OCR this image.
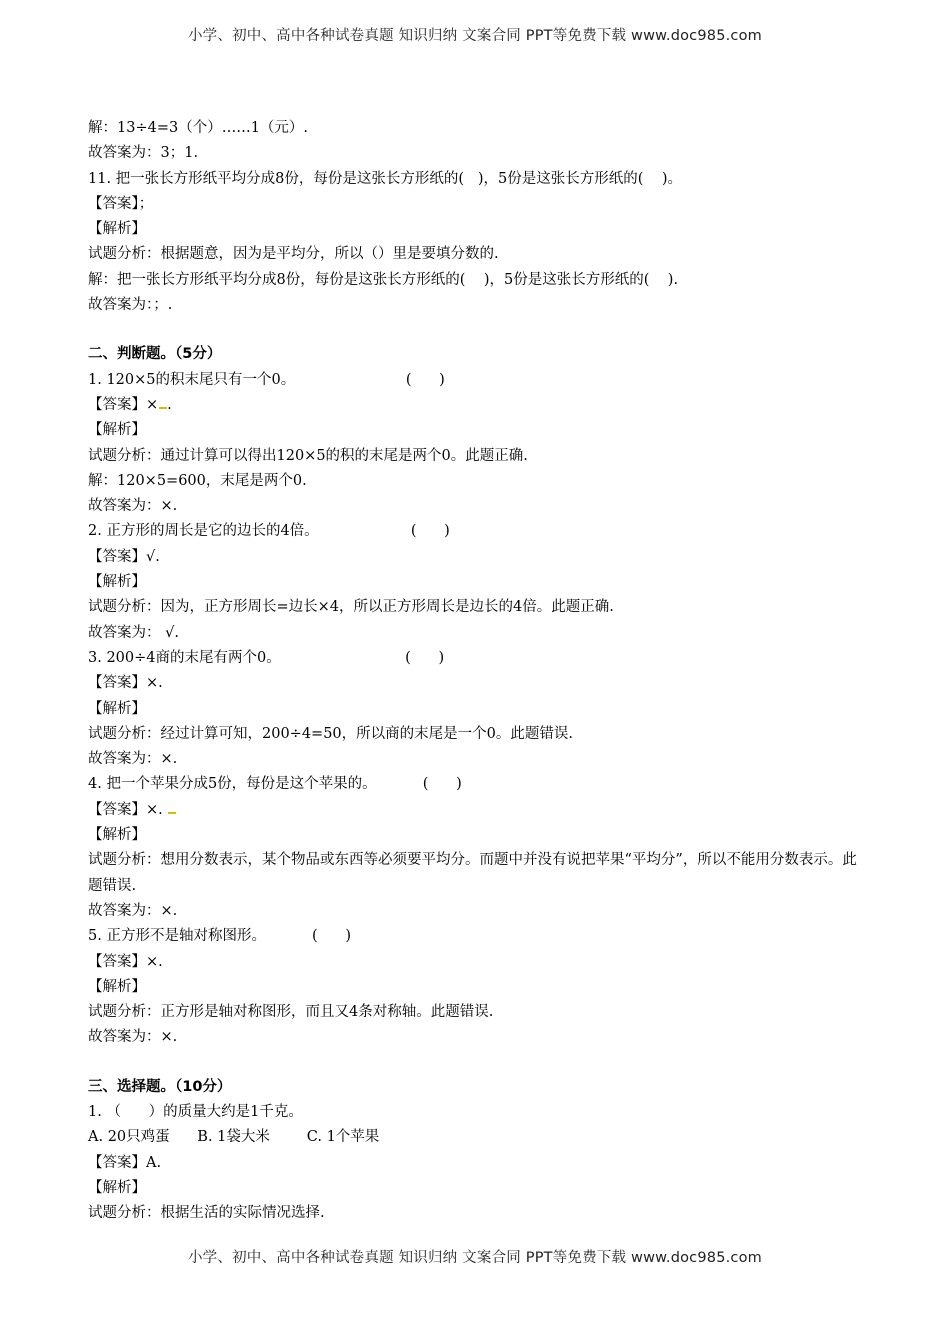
小学、初中、高中各种试卷真题 知识归纳 文案合同 PPT等免费下载 www.doc985.com
解：13÷4=3（个）……1（元）.
故答案为：3；1.
11. 把一张长方形纸平均分成8份，每份是这张长方形纸的(   )，5份是这张长方形纸的(    )。
【答案】；
【解析】
试题分析：根据题意，因为是平均分，所以（）里是要填分数的.
解：把一张长方形纸平均分成8份，每份是这张长方形纸的(    )，5份是这张长方形纸的(    ).
故答案为：；.
二、判断题。（5分）
1. 120×5的积末尾只有一个0。                        (      )
【答案】× .
【解析】
试题分析：通过计算可以得出120×5的积的末尾是两个0。此题正确.
解：120×5=600，末尾是两个0.
故答案为：×.
2. 正方形的周长是它的边长的4倍。                    (      )
【答案】√.
【解析】
试题分析：因为，正方形周长=边长×4，所以正方形周长是边长的4倍。此题正确.
故答案为： √.
3. 200÷4商的末尾有两个0。                           (      )
【答案】×.
【解析】
试题分析：经过计算可知，200÷4=50，所以商的末尾是一个0。此题错误.
故答案为：×.
4. 把一个苹果分成5份，每份是这个苹果的。          (      )
【答案】×.
【解析】
试题分析：想用分数表示，某个物品或东西等必须要平均分。而题中并没有说把苹果“平均分”，所以不能用分数表示。此题错误.
故答案为：×.
5. 正方形不是轴对称图形。          (      )
【答案】×.
【解析】
试题分析：正方形是轴对称图形，而且又4条对称轴。此题错误.
故答案为：×.
三、选择题。（10分）
1. （      ）的质量大约是1千克。
A. 20只鸡蛋      B. 1袋大米        C. 1个苹果
【答案】A.
【解析】
试题分析：根据生活的实际情况选择.
小学、初中、高中各种试卷真题 知识归纳 文案合同 PPT等免费下载 www.doc985.com
